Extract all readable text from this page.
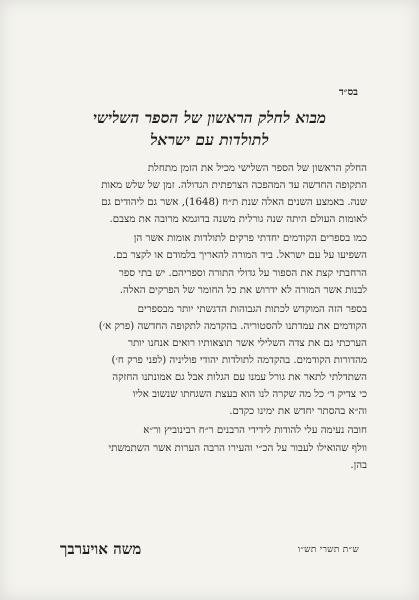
בס״ד
מבוא לחלק הראשון של הספר השלישי
לתולדות עם ישראל

החלק הראשון של הספר השלישי מכיל את הזמן מתחלת
התקופה החדשה עד המהפכה הצרפתית הגדולה. זמן של שלש מאות
שנה. באמצע השנים האלה שנת ת״ח (1648), אשר גם ליהודים גם
לאומות העולם היתה שנה גורלית משנה בדוגמא מרובה את מצבם.

כמו בספרים הקודמים יחדתי פרקים לתולדות אומות אשר הן
השפיעו על עם ישראל. ביד המורה להאריך בלמודם או לקצר בם.
הרחבתי קצת את הספור על גדולי התורה וספריהם. יש בתי ספר
לבנות אשר המורה לא ידרוש את כל החומר של הפרקים האלה.

בספר הזה המוקדש לכתות הגבוהות הדגשתי יותר מבספרים
הקודמים את עמדתנו להסטוריה. בהקדמה לתקופה החדשה (פרק א׳)
הערכתי גם את צדה השלילי אשר תוצאותיו רואים אנחנו יותר
מהדורות הקודמים. בהקדמה לתולדות יהודי פוליניה (לפני פרק ח׳)
השתדלתי לתאר את גורל עמנו עם הגלות אבל גם אמונתנו החזקה
כי צדיק ד׳ כל מה שקרה לנו הוא בעצת השגחתו שנשוב אליו
וה״א בהסתר יחדש את ימינו כקדם.

חובה נעימה עלי להודות לידידי הרבנים ר״ח רבינוביץ ור״א
וולף שהואילו לעבור על הכ״י והעירו הרבה הערות אשר השתמשתי
בהן.

ש״ת תשרי תש״ו
משה אויערבך
